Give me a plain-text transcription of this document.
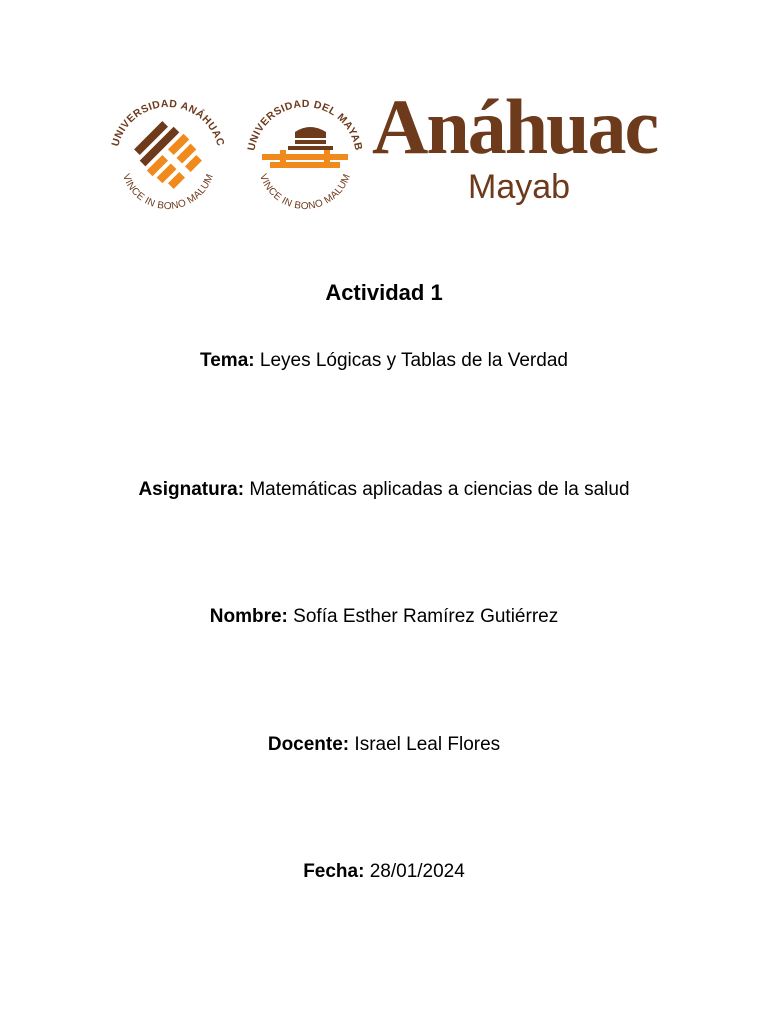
UNIVERSIDAD ANÁHUAC
VINCE IN BONO MALUM
UNIVERSIDAD DEL MAYAB
VINCE IN BONO MALUM
Anáhuac
Mayab
Actividad 1
Tema: Leyes Lógicas y Tablas de la Verdad
Asignatura: Matemáticas aplicadas a ciencias de la salud
Nombre: Sofía Esther Ramírez Gutiérrez
Docente: Israel Leal Flores
Fecha: 28/01/2024
